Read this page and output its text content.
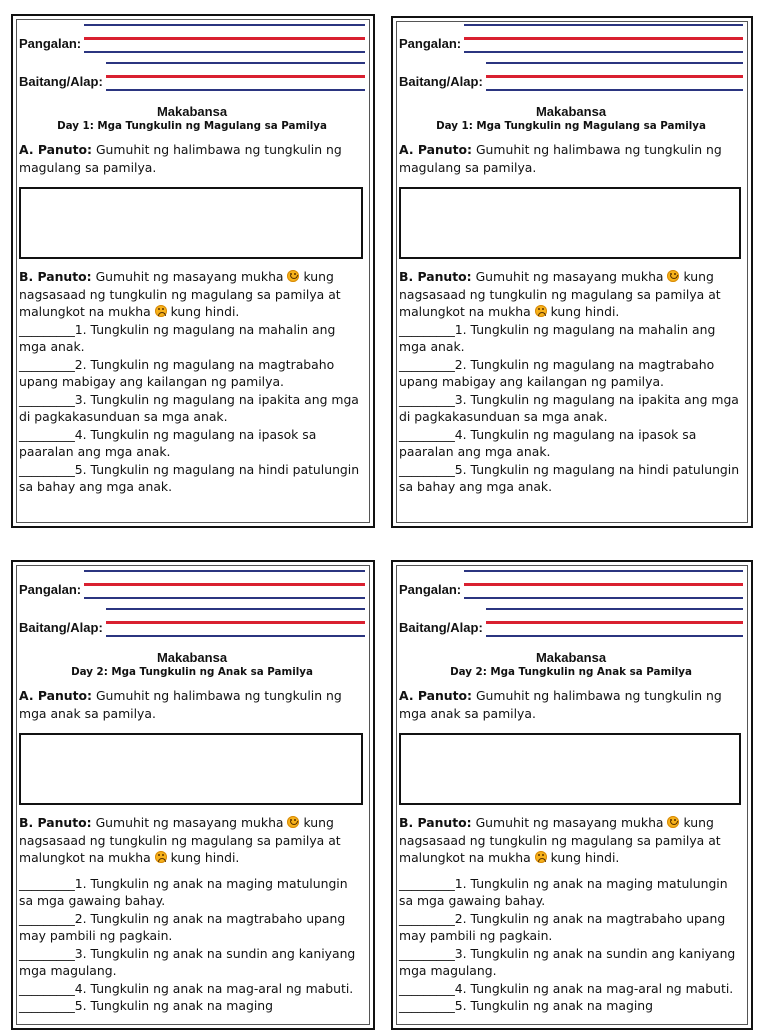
Pangalan:
Baitang/Alap:
Makabansa
Day 1: Mga Tungkulin ng Magulang sa Pamilya
A. Panuto: Gumuhit ng halimbawa ng tungkulin ng magulang sa pamilya.
B. Panuto: Gumuhit ng masayang mukha kung nagsasaad ng tungkulin ng magulang sa pamilya at malungkot na mukha kung hindi.
_________1. Tungkulin ng magulang na mahalin ang mga anak.
_________2. Tungkulin ng magulang na magtrabaho upang mabigay ang kailangan ng pamilya.
_________3. Tungkulin ng magulang na ipakita ang mga di pagkakasunduan sa mga anak.
_________4. Tungkulin ng magulang na ipasok sa paaralan ang mga anak.
_________5. Tungkulin ng magulang na hindi patulungin sa bahay ang mga anak.
Pangalan:
Baitang/Alap:
Makabansa
Day 1: Mga Tungkulin ng Magulang sa Pamilya
A. Panuto: Gumuhit ng halimbawa ng tungkulin ng magulang sa pamilya.
B. Panuto: Gumuhit ng masayang mukha kung nagsasaad ng tungkulin ng magulang sa pamilya at malungkot na mukha kung hindi.
_________1. Tungkulin ng magulang na mahalin ang mga anak.
_________2. Tungkulin ng magulang na magtrabaho upang mabigay ang kailangan ng pamilya.
_________3. Tungkulin ng magulang na ipakita ang mga di pagkakasunduan sa mga anak.
_________4. Tungkulin ng magulang na ipasok sa paaralan ang mga anak.
_________5. Tungkulin ng magulang na hindi patulungin sa bahay ang mga anak.
Pangalan:
Baitang/Alap:
Makabansa
Day 2: Mga Tungkulin ng Anak sa Pamilya
A. Panuto: Gumuhit ng halimbawa ng tungkulin ng mga anak sa pamilya.
B. Panuto: Gumuhit ng masayang mukha kung nagsasaad ng tungkulin ng magulang sa pamilya at malungkot na mukha kung hindi.
_________1. Tungkulin ng anak na maging matulungin sa mga gawaing bahay.
_________2. Tungkulin ng anak na magtrabaho upang may pambili ng pagkain.
_________3. Tungkulin ng anak na sundin ang kaniyang mga magulang.
_________4. Tungkulin ng anak na mag-aral ng mabuti.
_________5. Tungkulin ng anak na maging
Pangalan:
Baitang/Alap:
Makabansa
Day 2: Mga Tungkulin ng Anak sa Pamilya
A. Panuto: Gumuhit ng halimbawa ng tungkulin ng mga anak sa pamilya.
B. Panuto: Gumuhit ng masayang mukha kung nagsasaad ng tungkulin ng magulang sa pamilya at malungkot na mukha kung hindi.
_________1. Tungkulin ng anak na maging matulungin sa mga gawaing bahay.
_________2. Tungkulin ng anak na magtrabaho upang may pambili ng pagkain.
_________3. Tungkulin ng anak na sundin ang kaniyang mga magulang.
_________4. Tungkulin ng anak na mag-aral ng mabuti.
_________5. Tungkulin ng anak na maging
